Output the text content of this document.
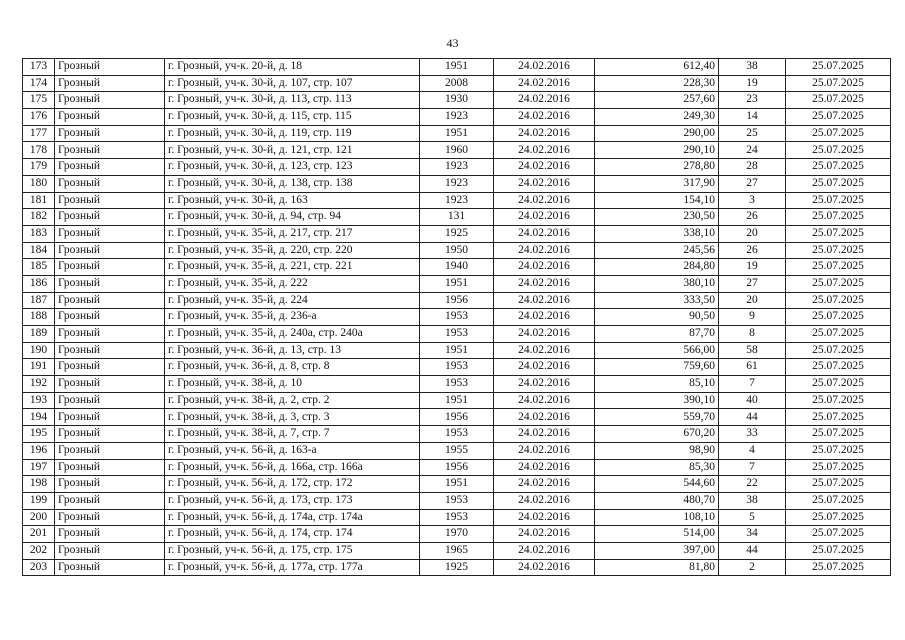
43
173	Грозный	г. Грозный, уч-к. 20-й, д. 18	1951	24.02.2016	612,40	38	25.07.2025
174	Грозный	г. Грозный, уч-к. 30-й, д. 107, стр. 107	2008	24.02.2016	228,30	19	25.07.2025
175	Грозный	г. Грозный, уч-к. 30-й, д. 113, стр. 113	1930	24.02.2016	257,60	23	25.07.2025
176	Грозный	г. Грозный, уч-к. 30-й, д. 115, стр. 115	1923	24.02.2016	249,30	14	25.07.2025
177	Грозный	г. Грозный, уч-к. 30-й, д. 119, стр. 119	1951	24.02.2016	290,00	25	25.07.2025
178	Грозный	г. Грозный, уч-к. 30-й, д. 121, стр. 121	1960	24.02.2016	290,10	24	25.07.2025
179	Грозный	г. Грозный, уч-к. 30-й, д. 123, стр. 123	1923	24.02.2016	278,80	28	25.07.2025
180	Грозный	г. Грозный, уч-к. 30-й, д. 138, стр. 138	1923	24.02.2016	317,90	27	25.07.2025
181	Грозный	г. Грозный, уч-к. 30-й, д. 163	1923	24.02.2016	154,10	3	25.07.2025
182	Грозный	г. Грозный, уч-к. 30-й, д. 94, стр. 94	131	24.02.2016	230,50	26	25.07.2025
183	Грозный	г. Грозный, уч-к. 35-й, д. 217, стр. 217	1925	24.02.2016	338,10	20	25.07.2025
184	Грозный	г. Грозный, уч-к. 35-й, д. 220, стр. 220	1950	24.02.2016	245,56	26	25.07.2025
185	Грозный	г. Грозный, уч-к. 35-й, д. 221, стр. 221	1940	24.02.2016	284,80	19	25.07.2025
186	Грозный	г. Грозный, уч-к. 35-й, д. 222	1951	24.02.2016	380,10	27	25.07.2025
187	Грозный	г. Грозный, уч-к. 35-й, д. 224	1956	24.02.2016	333,50	20	25.07.2025
188	Грозный	г. Грозный, уч-к. 35-й, д. 236-а	1953	24.02.2016	90,50	9	25.07.2025
189	Грозный	г. Грозный, уч-к. 35-й, д. 240а, стр. 240а	1953	24.02.2016	87,70	8	25.07.2025
190	Грозный	г. Грозный, уч-к. 36-й, д. 13, стр. 13	1951	24.02.2016	566,00	58	25.07.2025
191	Грозный	г. Грозный, уч-к. 36-й, д. 8, стр. 8	1953	24.02.2016	759,60	61	25.07.2025
192	Грозный	г. Грозный, уч-к. 38-й, д. 10	1953	24.02.2016	85,10	7	25.07.2025
193	Грозный	г. Грозный, уч-к. 38-й, д. 2, стр. 2	1951	24.02.2016	390,10	40	25.07.2025
194	Грозный	г. Грозный, уч-к. 38-й, д. 3, стр. 3	1956	24.02.2016	559,70	44	25.07.2025
195	Грозный	г. Грозный, уч-к. 38-й, д. 7, стр. 7	1953	24.02.2016	670,20	33	25.07.2025
196	Грозный	г. Грозный, уч-к. 56-й, д. 163-а	1955	24.02.2016	98,90	4	25.07.2025
197	Грозный	г. Грозный, уч-к. 56-й, д. 166а, стр. 166а	1956	24.02.2016	85,30	7	25.07.2025
198	Грозный	г. Грозный, уч-к. 56-й, д. 172, стр. 172	1951	24.02.2016	544,60	22	25.07.2025
199	Грозный	г. Грозный, уч-к. 56-й, д. 173, стр. 173	1953	24.02.2016	480,70	38	25.07.2025
200	Грозный	г. Грозный, уч-к. 56-й, д. 174а, стр. 174а	1953	24.02.2016	108,10	5	25.07.2025
201	Грозный	г. Грозный, уч-к. 56-й, д. 174, стр. 174	1970	24.02.2016	514,00	34	25.07.2025
202	Грозный	г. Грозный, уч-к. 56-й, д. 175, стр. 175	1965	24.02.2016	397,00	44	25.07.2025
203	Грозный	г. Грозный, уч-к. 56-й, д. 177а, стр. 177а	1925	24.02.2016	81,80	2	25.07.2025
